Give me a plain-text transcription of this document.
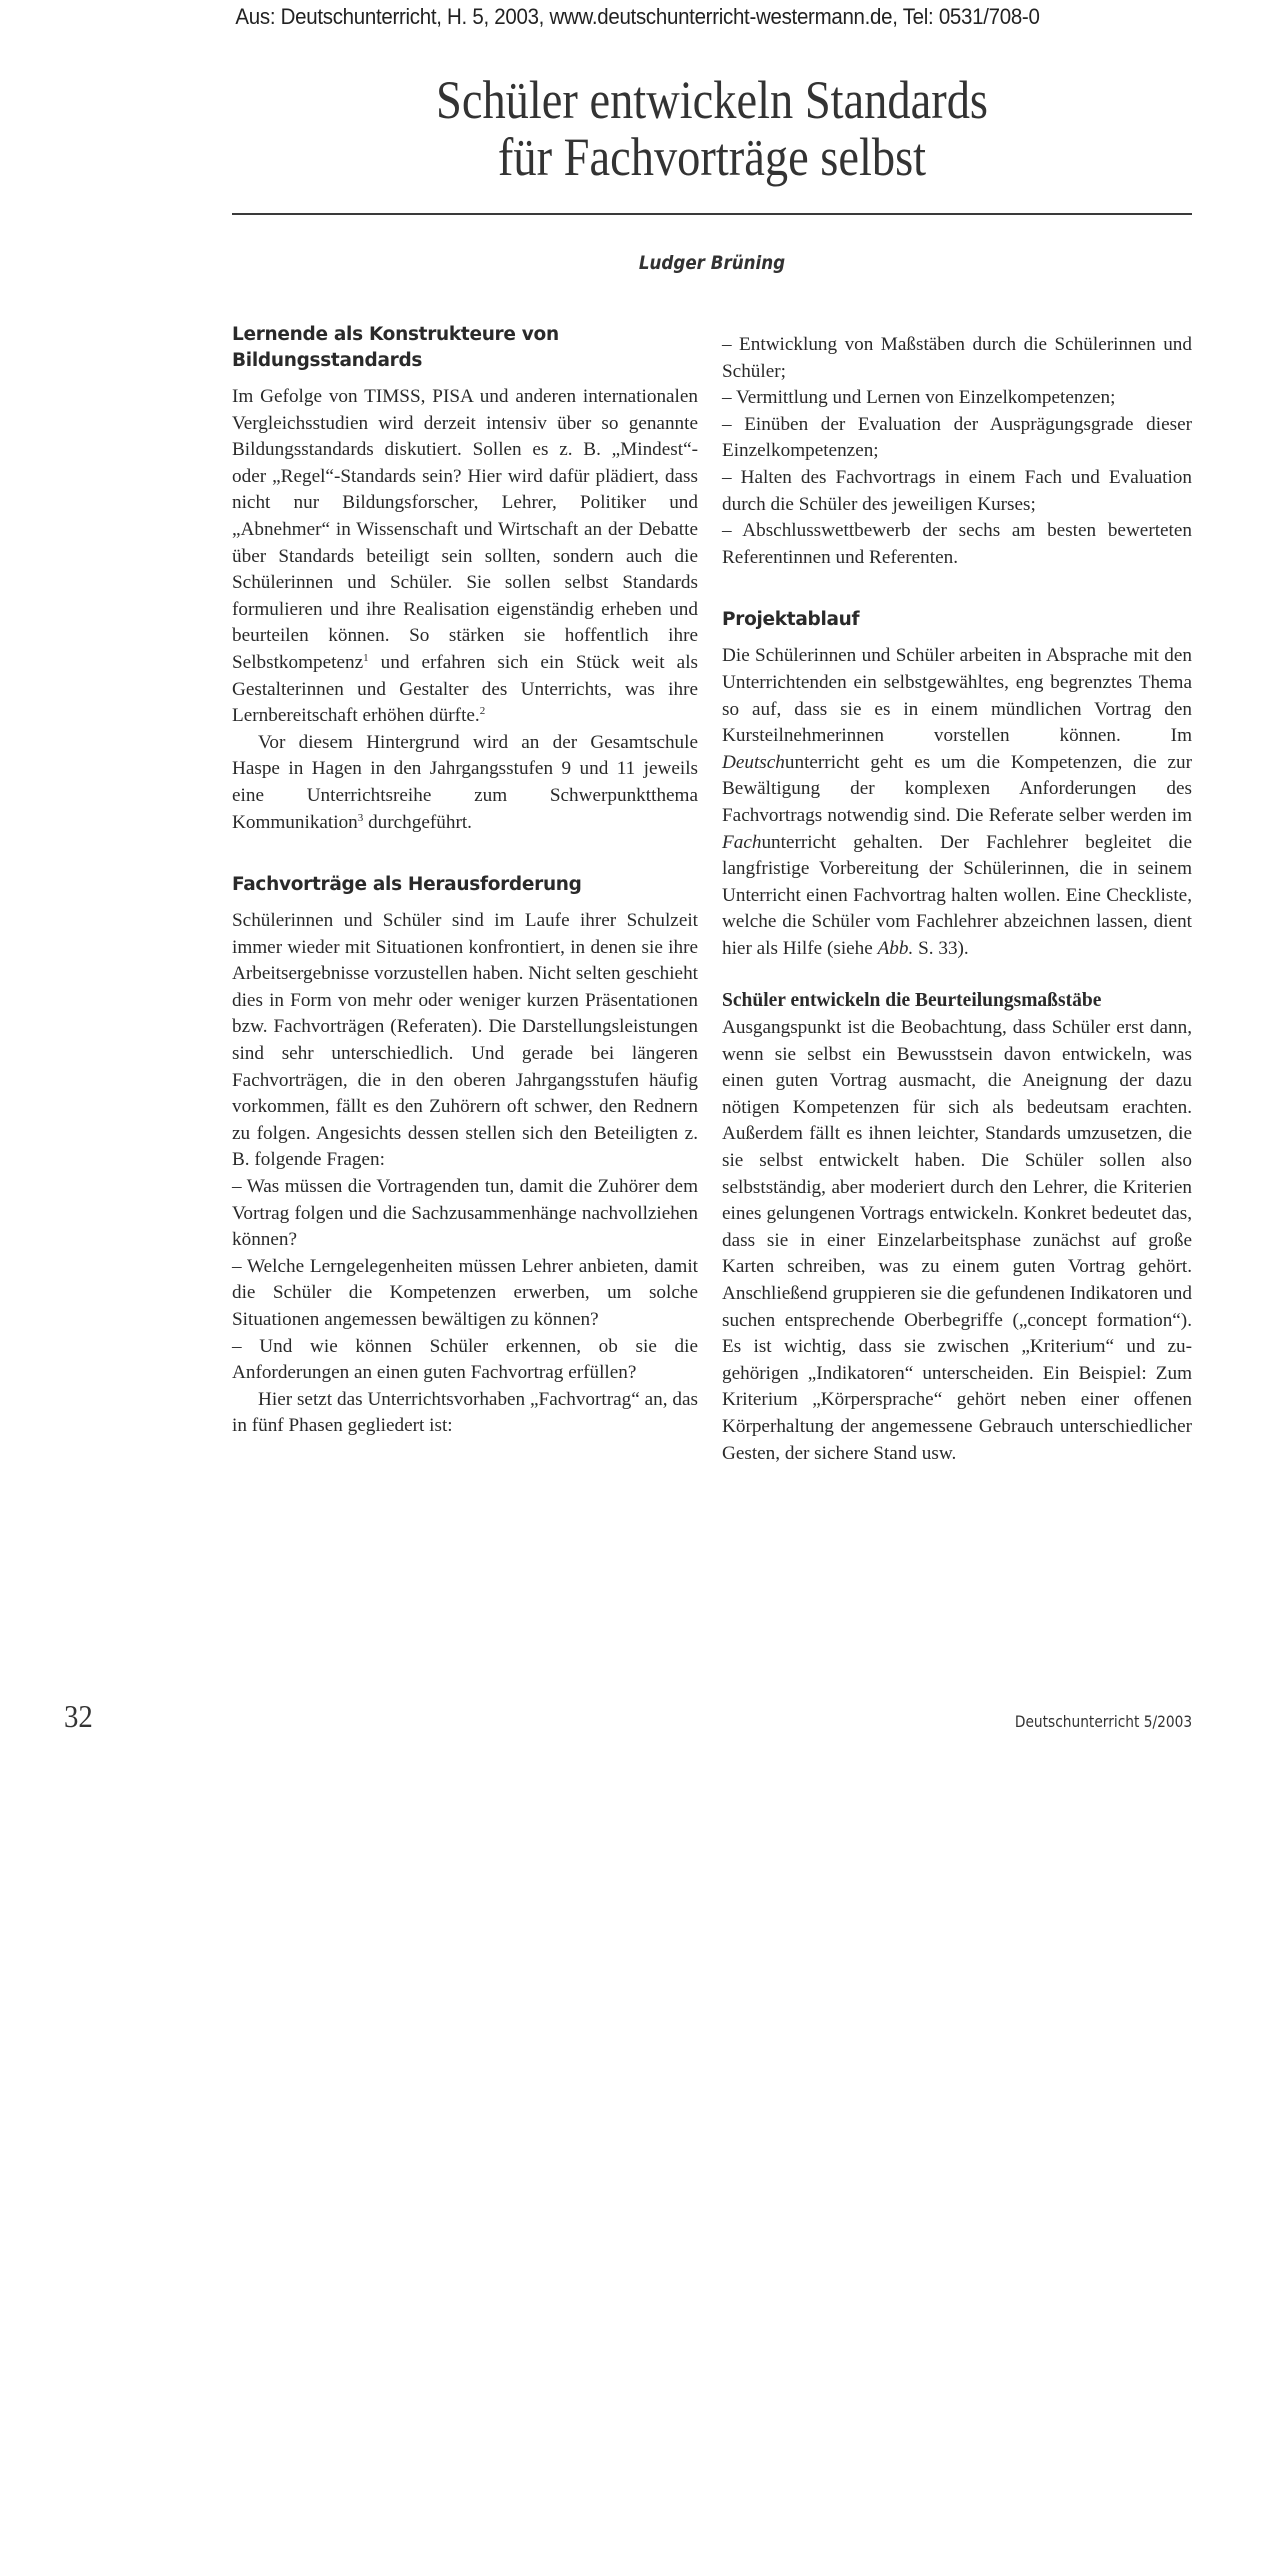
Aus: Deutschunterricht, H. 5, 2003, www.deutschunterricht-westermann.de, Tel: 0531/708-0
Schüler entwickeln Standards
für Fachvorträge selbst
Ludger Brüning
Lernende als Konstrukteure von
Bildungsstandards

Im Gefolge von TIMSS, PISA und anderen internationalen Vergleichsstudien wird derzeit intensiv über so genannte Bildungsstandards diskutiert. Sollen es z. B. „Mindest“- oder „Regel“-Standards sein? Hier wird dafür plädiert, dass nicht nur Bildungsforscher, Lehrer, Politiker und „Abnehmer“ in Wissenschaft und Wirtschaft an der Debatte über Standards beteiligt sein sollten, sondern auch die Schülerinnen und Schüler. Sie sollen selbst Standards formulieren und ihre Realisation eigenständig erheben und beurteilen können. So stärken sie hoffentlich ihre Selbstkompetenz$^1$ und erfahren sich ein Stück weit als Gestalterinnen und Gestalter des Unterrichts, was ihre Lernbereitschaft erhöhen dürfte.$^2$

Vor diesem Hintergrund wird an der Gesamtschule Haspe in Hagen in den Jahrgangsstufen 9 und 11 jeweils eine Unterrichtsreihe zum Schwerpunktthema Kommunikation$^3$ durchgeführt.

Fachvorträge als Herausforderung

Schülerinnen und Schüler sind im Laufe ihrer Schulzeit immer wieder mit Situationen konfrontiert, in denen sie ihre Arbeitsergebnisse vorzustellen haben. Nicht selten geschieht dies in Form von mehr oder weniger kurzen Präsentationen bzw. Fachvorträgen (Referaten). Die Darstellungsleistungen sind sehr unterschiedlich. Und gerade bei längeren Fachvorträgen, die in den oberen Jahrgangsstufen häufig vorkommen, fällt es den Zuhörern oft schwer, den Rednern zu folgen. Angesichts dessen stellen sich den Beteiligten z. B. folgende Fragen:

– Was müssen die Vortragenden tun, damit die Zuhörer dem Vortrag folgen und die Sachzusammenhänge nachvollziehen können?
– Welche Lerngelegenheiten müssen Lehrer anbieten, damit die Schüler die Kompetenzen erwerben, um solche Situationen angemessen bewältigen zu können?
– Und wie können Schüler erkennen, ob sie die Anforderungen an einen guten Fachvortrag erfüllen?

Hier setzt das Unterrichtsvorhaben „Fachvortrag“ an, das in fünf Phasen gegliedert ist:

– Entwicklung von Maßstäben durch die Schülerinnen und Schüler;
– Vermittlung und Lernen von Einzelkompetenzen;
– Einüben der Evaluation der Ausprägungsgrade dieser Einzelkompetenzen;
– Halten des Fachvortrags in einem Fach und Evaluation durch die Schüler des jeweiligen Kurses;
– Abschlusswettbewerb der sechs am besten bewerteten Referentinnen und Referenten.
Projektablauf

Die Schülerinnen und Schüler arbeiten in Absprache mit den Unterrichtenden ein selbstgewähltes, eng begrenztes Thema so auf, dass sie es in einem mündlichen Vortrag den Kursteilnehmerinnen vorstellen können. Im Deutschunterricht geht es um die Kompetenzen, die zur Bewältigung der komplexen Anforderungen des Fachvortrags notwendig sind. Die Referate selber werden im Fachunterricht gehalten. Der Fachlehrer begleitet die langfristige Vorbereitung der Schülerinnen, die in seinem Unterricht einen Fachvortrag halten wollen. Eine Checkliste, welche die Schüler vom Fachlehrer abzeichnen lassen, dient hier als Hilfe (siehe Abb. S. 33).

Schüler entwickeln die Beurteilungsmaßstäbe

Ausgangspunkt ist die Beobachtung, dass Schüler erst dann, wenn sie selbst ein Bewusstsein davon entwickeln, was einen guten Vortrag ausmacht, die Aneignung der dazu nötigen Kompetenzen für sich als bedeutsam erachten. Außerdem fällt es ihnen leichter, Standards umzusetzen, die sie selbst entwickelt haben. Die Schüler sollen also selbstständig, aber moderiert durch den Lehrer, die Kriterien eines gelungenen Vortrags entwickeln. Konkret bedeutet das, dass sie in einer Einzelarbeitsphase zunächst auf große Karten schreiben, was zu einem guten Vortrag gehört. Anschließend gruppieren sie die gefundenen Indikatoren und suchen entsprechende Oberbegriffe („concept formation“). Es ist wichtig, dass sie zwischen „Kriterium“ und zugehörigen „Indikatoren“ unterscheiden. Ein Beispiel: Zum Kriterium „Körpersprache“ gehört neben einer offenen Körperhaltung der angemessene Gebrauch unterschiedlicher Gesten, der sichere Stand usw.

32	Deutschunterricht 5/2003
